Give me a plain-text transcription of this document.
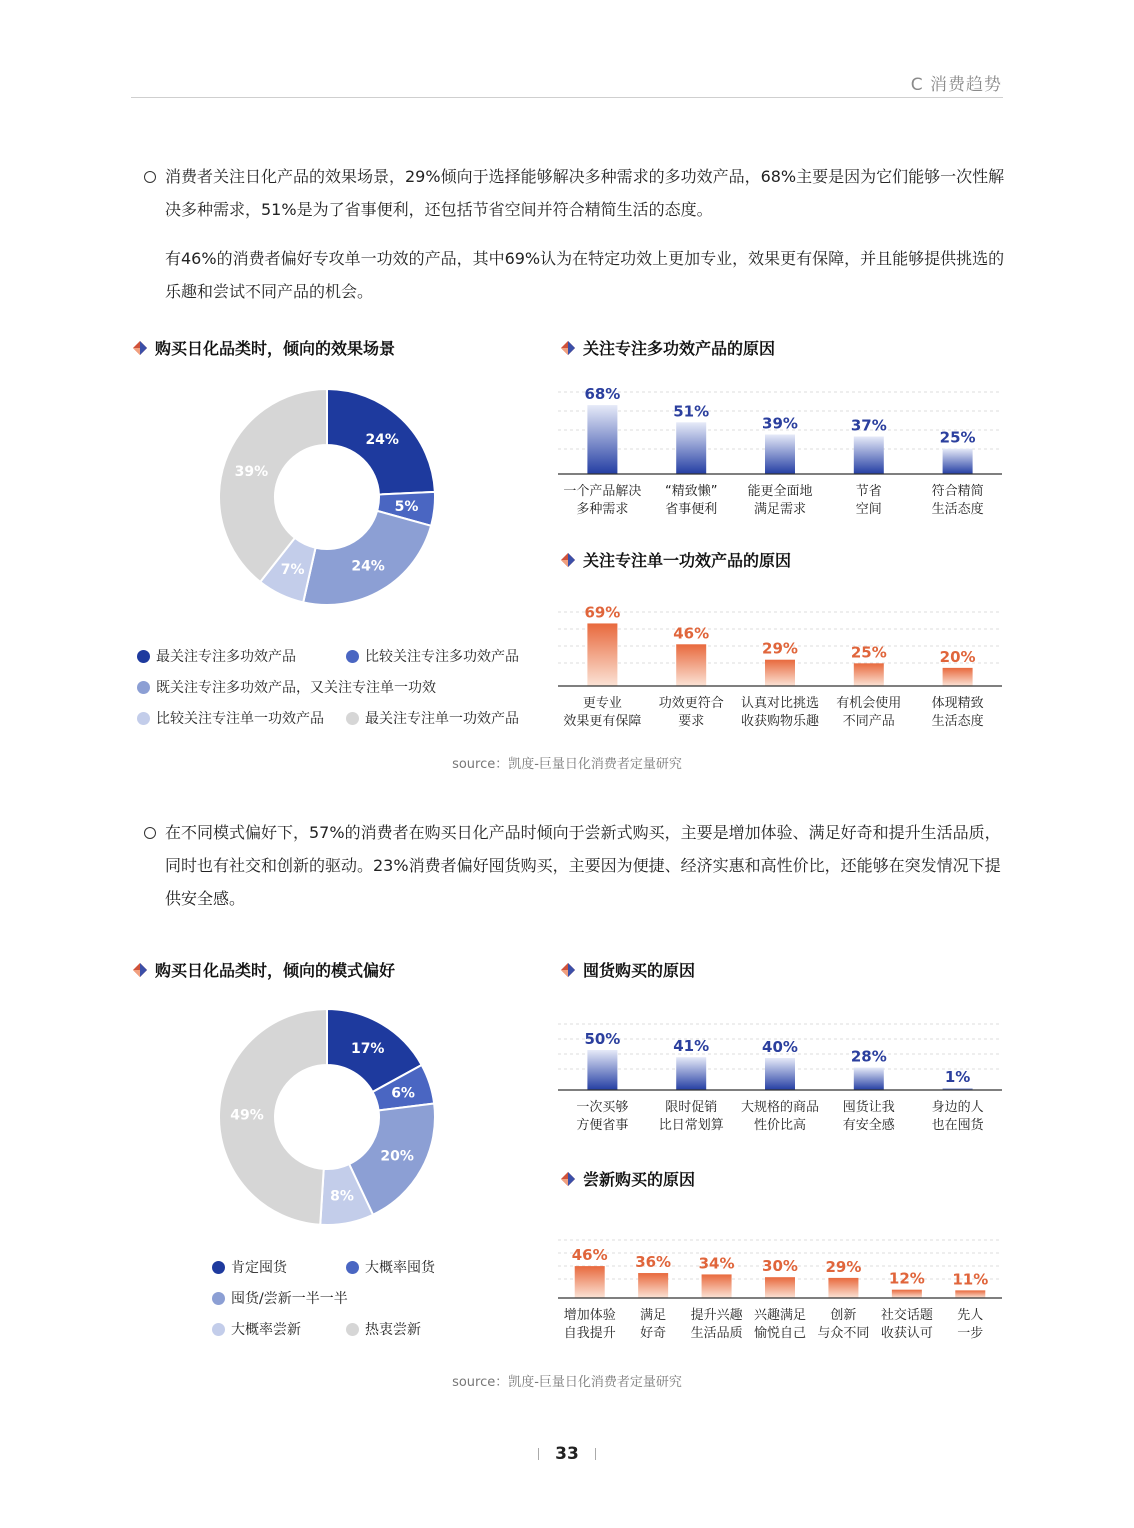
C 消费趋势
消费者关注日化产品的效果场景，29%倾向于选择能够解决多种需求的多功效产品，68%主要是因为它们能够一次性解决多种需求，51%是为了省事便利，还包括节省空间并符合精简生活的态度。
有46%的消费者偏好专攻单一功效的产品，其中69%认为在特定功效上更加专业，效果更有保障，并且能够提供挑选的乐趣和尝试不同产品的机会。
购买日化品类时，倾向的效果场景	关注专注多功效产品的原因
关注专注单一功效产品的原因
24%
5%
24%
7%
39%
68%
一个产品解决
多种需求
51%
“精致懒”
省事便利
39%
能更全面地
满足需求
37%
节省
空间
25%
符合精简
生活态度
69%
更专业
效果更有保障
46%
功效更符合
要求
29%
认真对比挑选
收获购物乐趣
25%
有机会使用
不同产品
20%
体现精致
生活态度
最关注专注多功效产品	比较关注专注多功效产品
既关注专注多功效产品，又关注专注单一功效
比较关注专注单一功效产品	最关注专注单一功效产品
source：凯度-巨量日化消费者定量研究
在不同模式偏好下，57%的消费者在购买日化产品时倾向于尝新式购买，主要是增加体验、满足好奇和提升生活品质，同时也有社交和创新的驱动。23%消费者偏好囤货购买，主要因为便捷、经济实惠和高性价比，还能够在突发情况下提供安全感。
购买日化品类时，倾向的模式偏好	囤货购买的原因
尝新购买的原因
17%
6%
20%
8%
49%
50%
一次买够
方便省事
41%
限时促销
比日常划算
40%
大规格的商品
性价比高
28%
囤货让我
有安全感
1%
身边的人
也在囤货
46%
增加体验
自我提升
36%
满足
好奇
34%
提升兴趣
生活品质
30%
兴趣满足
愉悦自己
29%
创新
与众不同
12%
社交话题
收获认可
11%
先人
一步
肯定囤货	大概率囤货
囤货/尝新一半一半
大概率尝新	热衷尝新
source：凯度-巨量日化消费者定量研究
33
